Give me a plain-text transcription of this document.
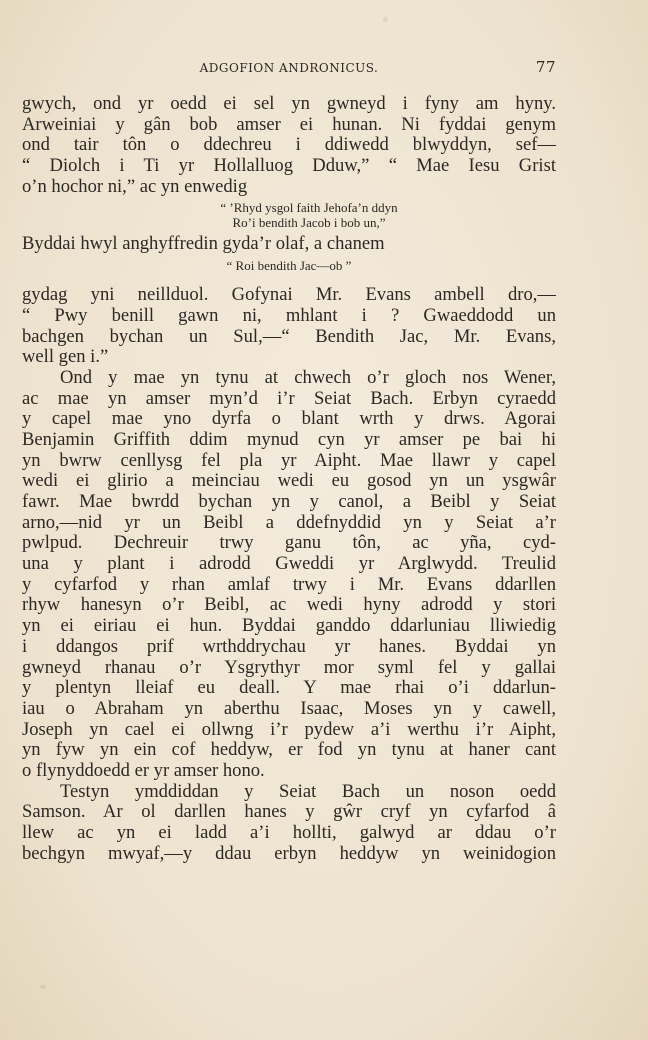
ADGOFION ANDRONICUS.	77
gwych, ond yr oedd ei sel yn gwneyd i fyny am hyny.
Arweiniai y gân bob amser ei hunan. Ni fyddai genym
ond tair tôn o ddechreu i ddiwedd blwyddyn, sef—
“ Diolch i Ti yr Hollalluog Dduw,” “ Mae Iesu Grist
o’n hochor ni,” ac yn enwedig
“ ’Rhyd ysgol faith Jehofa’n ddyn
Ro’i bendith Jacob i bob un,”
Byddai hwyl anghyffredin gyda’r olaf, a chanem
“ Roi bendith Jac—ob ”
gydag yni neillduol. Gofynai Mr. Evans ambell dro,—
“ Pwy benill gawn ni, mhlant i ? Gwaeddodd un
bachgen bychan un Sul,—“ Bendith Jac, Mr. Evans,
well gen i.”
Ond y mae yn tynu at chwech o’r gloch nos Wener,
ac mae yn amser myn’d i’r Seiat Bach. Erbyn cyraedd
y capel mae yno dyrfa o blant wrth y drws. Agorai
Benjamin Griffith ddim mynud cyn yr amser pe bai hi
yn bwrw cenllysg fel pla yr Aipht. Mae llawr y capel
wedi ei glirio a meinciau wedi eu gosod yn un ysgwâr
fawr. Mae bwrdd bychan yn y canol, a Beibl y Seiat
arno,—nid yr un Beibl a ddefnyddid yn y Seiat a’r
pwlpud. Dechreuir trwy ganu tôn, ac yña, cyd-
una y plant i adrodd Gweddi yr Arglwydd. Treulid
y cyfarfod y rhan amlaf trwy i Mr. Evans ddarllen
rhyw hanesyn o’r Beibl, ac wedi hyny adrodd y stori
yn ei eiriau ei hun. Byddai ganddo ddarluniau lliwiedig
i ddangos prif wrthddrychau yr hanes. Byddai yn
gwneyd rhanau o’r Ysgrythyr mor syml fel y gallai
y plentyn lleiaf eu deall. Y mae rhai o’i ddarlun-
iau o Abraham yn aberthu Isaac, Moses yn y cawell,
Joseph yn cael ei ollwng i’r pydew a’i werthu i’r Aipht,
yn fyw yn ein cof heddyw, er fod yn tynu at haner cant
o flynyddoedd er yr amser hono.
Testyn ymddiddan y Seiat Bach un noson oedd
Samson. Ar ol darllen hanes y gŵr cryf yn cyfarfod â
llew ac yn ei ladd a’i hollti, galwyd ar ddau o’r
bechgyn mwyaf,—y ddau erbyn heddyw yn weinidogion
